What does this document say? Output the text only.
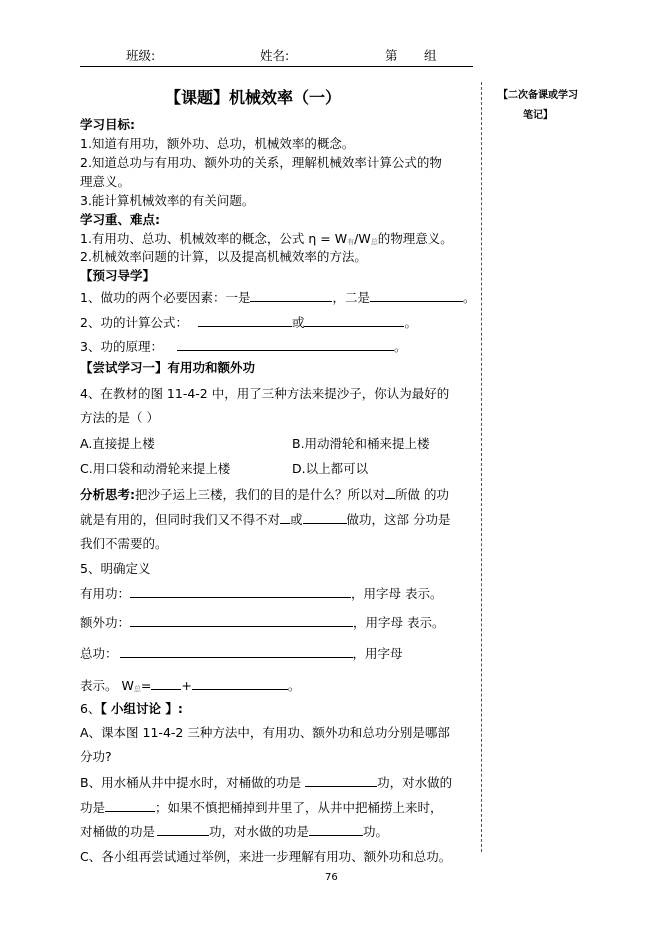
班级:	姓名:	第 组
【课题】机械效率（一）	【二次备课或学习
笔记】
学习目标:
1.知道有用功，额外功、总功，机械效率的概念。
2.知道总功与有用功、额外功的关系，理解机械效率计算公式的物
理意义。
3.能计算机械效率的有关问题。
学习重、难点:
1.有用功、总功、机械效率的概念，公式 η = W有/W总的物理意义。
2.机械效率问题的计算，以及提高机械效率的方法。
【预习导学】
1、做功的两个必要因素：一是	，二是	。
2、功的计算公式：	或	。
3、功的原理：	。
【尝试学习一】有用功和额外功
4、在教材的图 11-4-2 中，用了三种方法来提沙子，你认为最好的
方法的是（ ）
A.直接提上楼	B.用动滑轮和桶来提上楼
C.用口袋和动滑轮来提上楼	D.以上都可以
分析思考:把沙子运上三楼，我们的目的是什么？所以对 所做 的功
就是有用的，但同时我们又不得不对 或	做功，这部 分功是
我们不需要的。
5、明确定义
有用功：	，用字母 表示。
额外功：	，用字母 表示。
总功：	，用字母
表示。 W总= +	。
6、【 小组讨论 】:
A、课本图 11-4-2 三种方法中，有用功、额外功和总功分别是哪部
分功?
B、用水桶从井中提水时，对桶做的功是	功，对水做的
功是	；如果不慎把桶掉到井里了，从井中把桶捞上来时，
对桶做的功是	功，对水做的功是	功。
C、各小组再尝试通过举例，来进一步理解有用功、额外功和总功。
76
